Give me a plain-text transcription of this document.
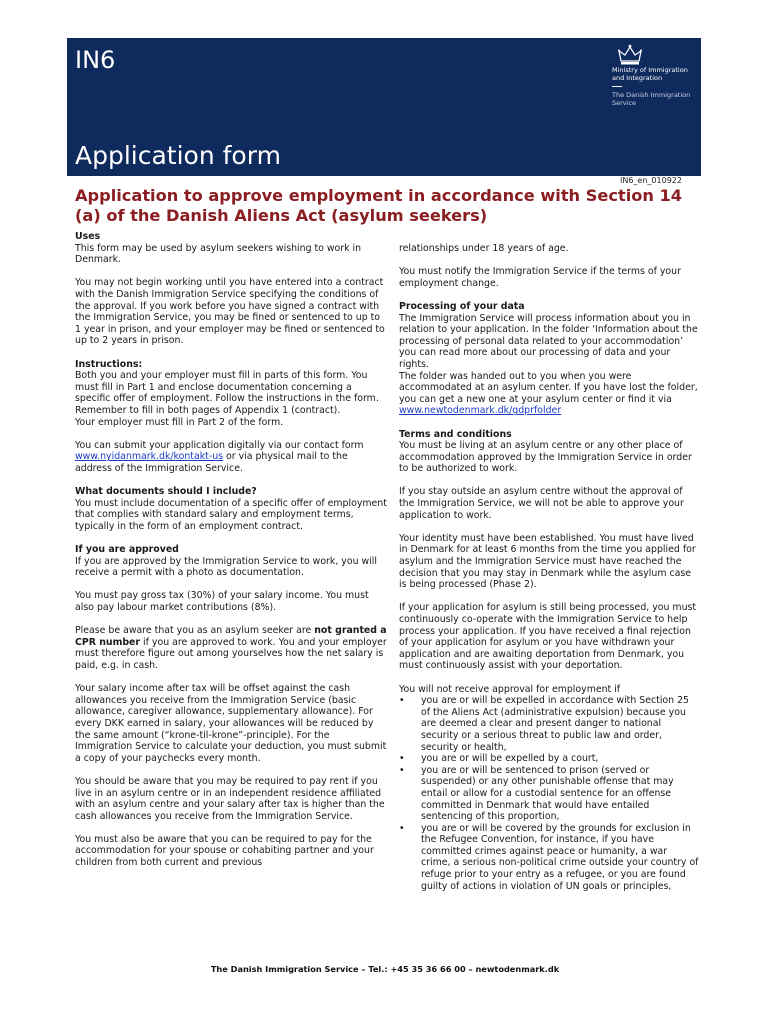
IN6	Ministry of Immigration and Integration
The Danish Immigration Service
Application form
IN6_en_010922
Application to approve employment in accordance with Section 14 (a) of the Danish Aliens Act (asylum seekers)
Uses

This form may be used by asylum seekers wishing to work in Denmark.

You may not begin working until you have entered into a contract with the Danish Immigration Service specifying the conditions of the approval. If you work before you have signed a contract with the Immigration Service, you may be fined or sentenced to up to 1 year in prison, and your employer may be fined or sentenced to up to 2 years in prison.

Instructions:
Both you and your employer must fill in parts of this form. You must fill in Part 1 and enclose documentation concerning a specific offer of employment. Follow the instructions in the form. Remember to fill in both pages of Appendix 1 (contract).

Your employer must fill in Part 2 of the form.

You can submit your application digitally via our contact form www.nyidanmark.dk/kontakt-us or via physical mail to the address of the Immigration Service.

What documents should I include?

You must include documentation of a specific offer of employment that complies with standard salary and employment terms, typically in the form of an employment contract.

If you are approved

If you are approved by the Immigration Service to work, you will receive a permit with a photo as documentation.

You must pay gross tax (30%) of your salary income. You must also pay labour market contributions (8%).

Please be aware that you as an asylum seeker are not granted a CPR number if you are approved to work. You and your employer must therefore figure out among yourselves how the net salary is paid, e.g. in cash.

Your salary income after tax will be offset against the cash allowances you receive from the Immigration Service (basic allowance, caregiver allowance, supplementary allowance). For every DKK earned in salary, your allowances will be reduced by the same amount (“krone-til-krone”-principle). For the Immigration Service to calculate your deduction, you must submit a copy of your paychecks every month.

You should be aware that you may be required to pay rent if you live in an asylum centre or in an independent residence affiliated with an asylum centre and your salary after tax is higher than the cash allowances you receive from the Immigration Service.

You must also be aware that you can be required to pay for the accommodation for your spouse or cohabiting partner and your children from both current and previous

relationships under 18 years of age.

You must notify the Immigration Service if the terms of your employment change.

Processing of your data
The Immigration Service will process information about you in relation to your application. In the folder ‘Information about the processing of personal data related to your accommodation’ you can read more about our processing of data and your rights.

The folder was handed out to you when you were accommodated at an asylum center. If you have lost the folder, you can get a new one at your asylum center or find it via www.newtodenmark.dk/gdprfolder

Terms and conditions

You must be living at an asylum centre or any other place of accommodation approved by the Immigration Service in order to be authorized to work.

If you stay outside an asylum centre without the approval of the Immigration Service, we will not be able to approve your application to work.

Your identity must have been established. You must have lived in Denmark for at least 6 months from the time you applied for asylum and the Immigration Service must have reached the decision that you may stay in Denmark while the asylum case is being processed (Phase 2).

If your application for asylum is still being processed, you must continuously co-operate with the Immigration Service to help process your application. If you have received a final rejection of your application for asylum or you have withdrawn your application and are awaiting deportation from Denmark, you must continuously assist with your deportation.

You will not receive approval for employment if
• you are or will be expelled in accordance with Section 25 of the Aliens Act (administrative expulsion) because you are deemed a clear and present danger to national security or a serious threat to public law and order, security or health,
• you are or will be expelled by a court,
• you are or will be sentenced to prison (served or suspended) or any other punishable offense that may entail or allow for a custodial sentence for an offense committed in Denmark that would have entailed sentencing of this proportion,
• you are or will be covered by the grounds for exclusion in the Refugee Convention, for instance, if you have committed crimes against peace or humanity, a war crime, a serious non-political crime outside your country of refuge prior to your entry as a refugee, or you are found guilty of actions in violation of UN goals or principles,
The Danish Immigration Service – Tel.: +45 35 36 66 00 – newtodenmark.dk
